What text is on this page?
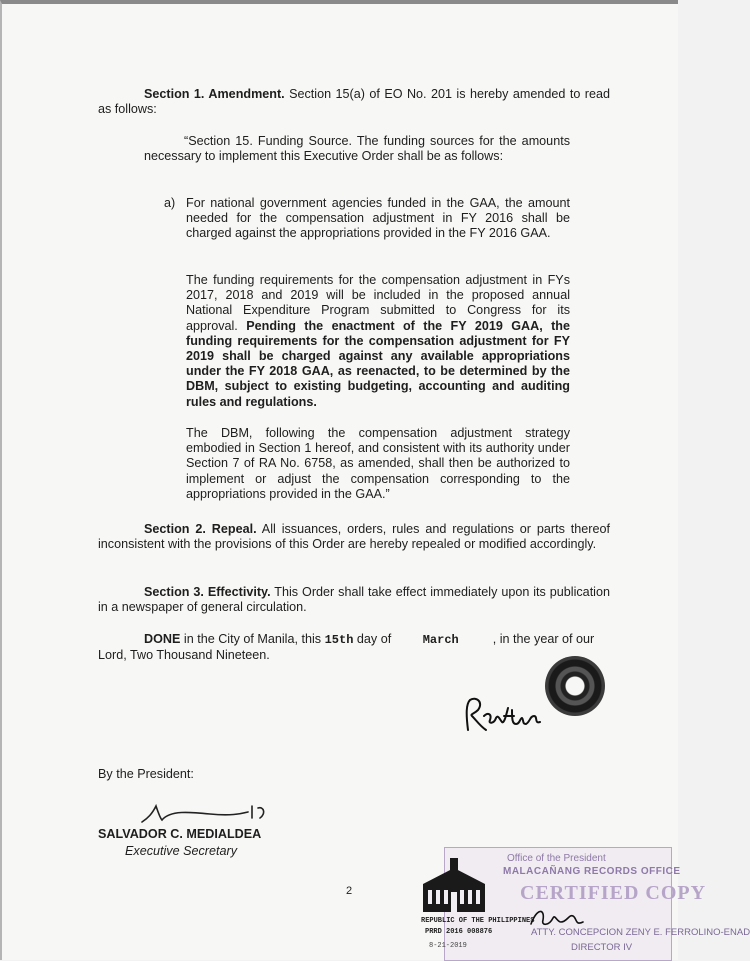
Section 1. Amendment. Section 15(a) of EO No. 201 is hereby amended to read as follows:

“Section 15. Funding Source. The funding sources for the amounts necessary to implement this Executive Order shall be as follows:

a) For national government agencies funded in the GAA, the amount needed for the compensation adjustment in FY 2016 shall be charged against the appropriations provided in the FY 2016 GAA.

The funding requirements for the compensation adjustment in FYs 2017, 2018 and 2019 will be included in the proposed annual National Expenditure Program submitted to Congress for its approval. Pending the enactment of the FY 2019 GAA, the funding requirements for the compensation adjustment for FY 2019 shall be charged against any available appropriations under the FY 2018 GAA, as reenacted, to be determined by the DBM, subject to existing budgeting, accounting and auditing rules and regulations.

The DBM, following the compensation adjustment strategy embodied in Section 1 hereof, and consistent with its authority under Section 7 of RA No. 6758, as amended, shall then be authorized to implement or adjust the compensation corresponding to the appropriations provided in the GAA.”

Section 2. Repeal. All issuances, orders, rules and regulations or parts thereof inconsistent with the provisions of this Order are hereby repealed or modified accordingly.

Section 3. Effectivity. This Order shall take effect immediately upon its publication in a newspaper of general circulation.

DONE in the City of Manila, this 15th day of March	, in the year of our Lord, Two Thousand Nineteen.

By the President:
SALVADOR C. MEDIALDEA
Executive Secretary
2
Office of the President
MALACAÑANG RECORDS OFFICE
CERTIFIED COPY
REPUBLIC OF THE PHILIPPINES
PRRD 2016 008876	ATTY. CONCEPCION ZENY E. FERROLINO-ENAD
DIRECTOR IV
8-21-2019
